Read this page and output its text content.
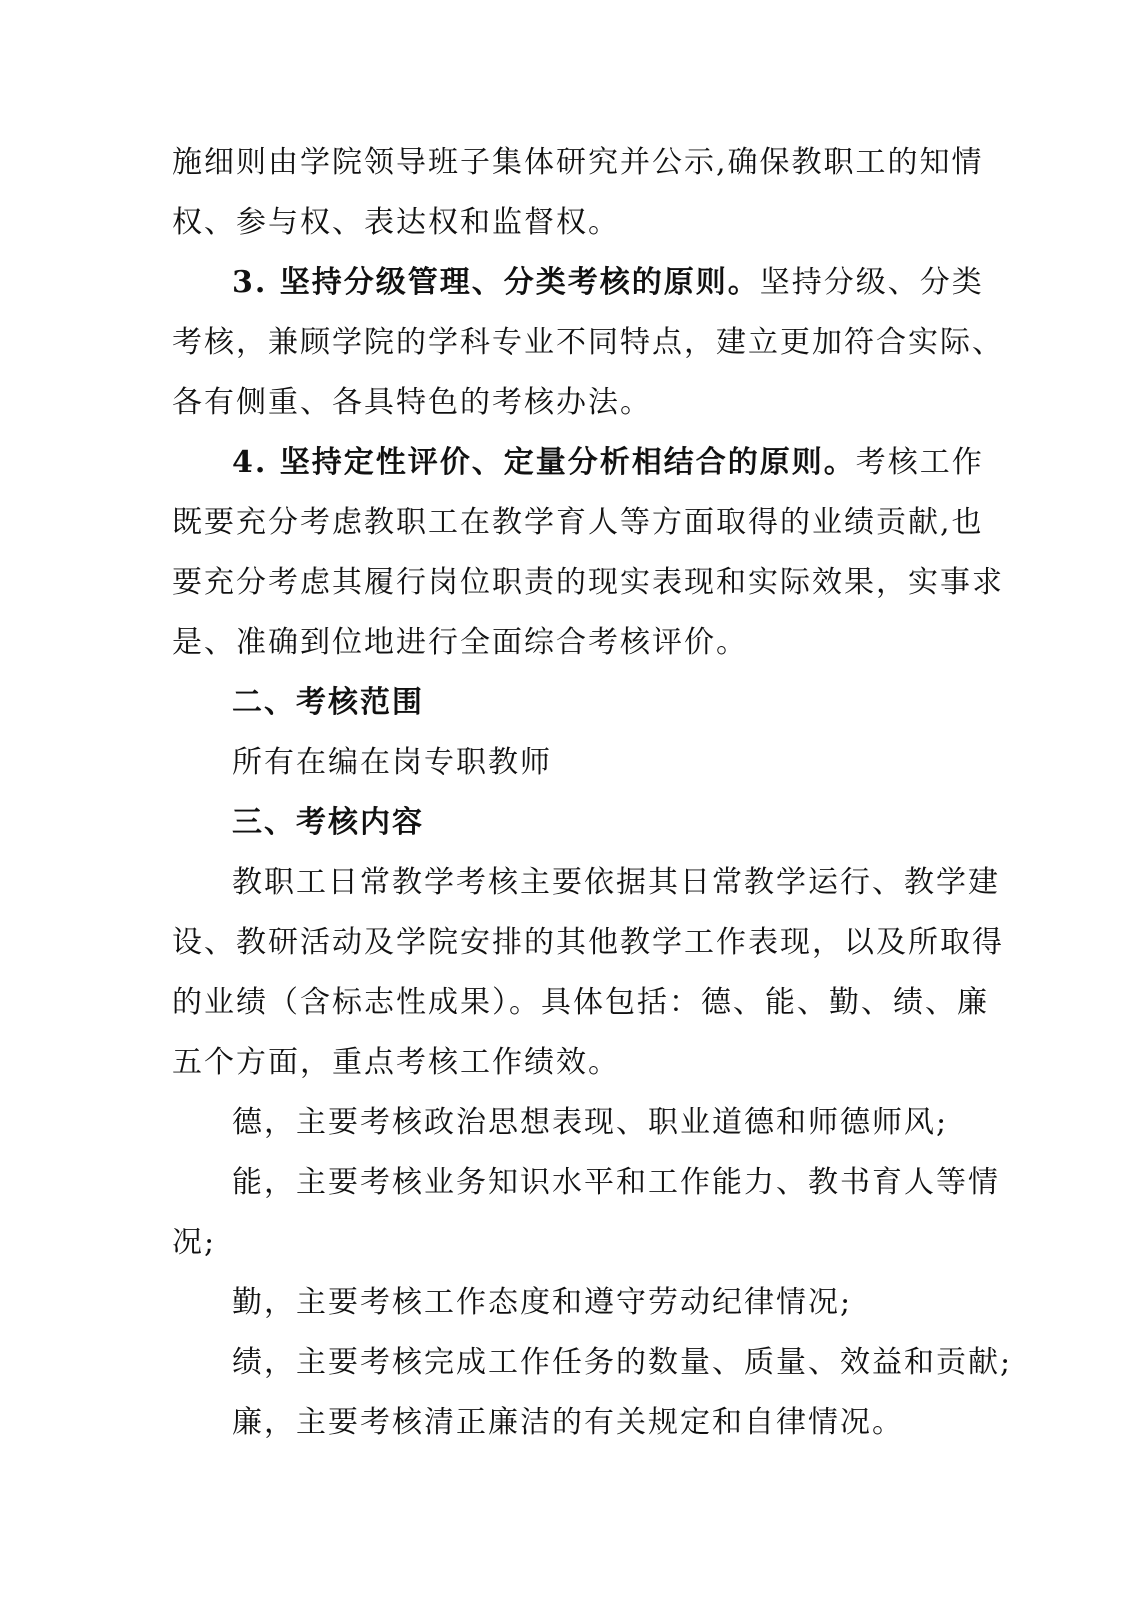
施细则由学院领导班子集体研究并公示,确保教职工的知情
权、参与权、表达权和监督权。
3. 坚持分级管理、分类考核的原则。坚持分级、分类
考核，兼顾学院的学科专业不同特点，建立更加符合实际、
各有侧重、各具特色的考核办法。
4. 坚持定性评价、定量分析相结合的原则。考核工作
既要充分考虑教职工在教学育人等方面取得的业绩贡献,也
要充分考虑其履行岗位职责的现实表现和实际效果，实事求
是、准确到位地进行全面综合考核评价。
二、考核范围
所有在编在岗专职教师
三、考核内容
教职工日常教学考核主要依据其日常教学运行、教学建
设、教研活动及学院安排的其他教学工作表现，以及所取得
的业绩（含标志性成果）。具体包括：德、能、勤、绩、廉
五个方面，重点考核工作绩效。
德，主要考核政治思想表现、职业道德和师德师风;
能，主要考核业务知识水平和工作能力、教书育人等情
况;
勤，主要考核工作态度和遵守劳动纪律情况;
绩，主要考核完成工作任务的数量、质量、效益和贡献;
廉，主要考核清正廉洁的有关规定和自律情况。
